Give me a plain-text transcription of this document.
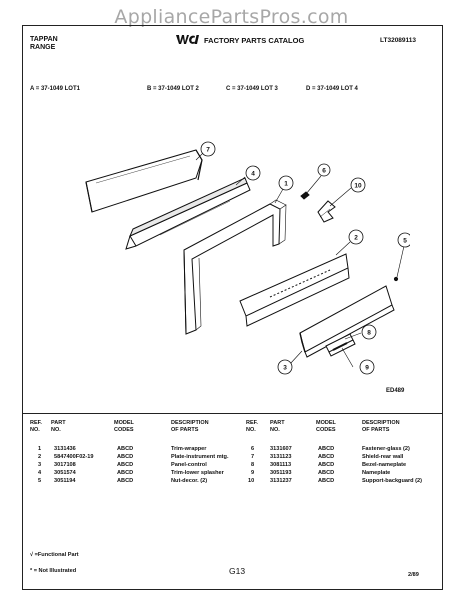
AppliancePartsPros.com
TAPPAN
RANGE
FACTORY PARTS CATALOG	LT32089113
A = 37-1049 LOT1	B = 37-1049 LOT 2	C = 37-1049 LOT 3	D = 37-1049 LOT 4
7
4
1
6
10
2	5
8
3	9
ED489
REF.
NO.
PART
NO.
MODEL
CODES
DESCRIPTION
OF PARTS
REF.
NO.
PART
NO.
MODEL
CODES
DESCRIPTION
OF PARTS
1 3131436	ABCD	Trim-wrapper
2 5847400F02-19	ABCD	Plate-instrument mtg.
3 3017108	ABCD	Panel-control
4 3051574	ABCD	Trim-lower splasher
5 3051194	ABCD	Nut-decor. (2)
6	3131607	ABCD	Fastener-glass (2)
7	3131123	ABCD	Shield-rear wall
8	3081113	ABCD	Bezel-nameplate
9	3051193	ABCD	Nameplate
10	3131237	ABCD	Support-backguard (2)
√ =Functional Part
* = Not Illustrated	G13	2/89
